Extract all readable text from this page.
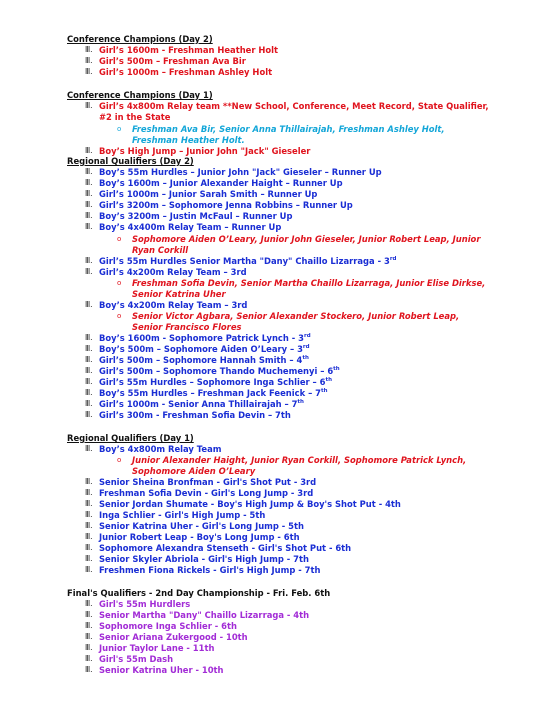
Conference Champions (Day 2)
Ⅲ. Girl’s 1600m - Freshman Heather Holt
Ⅲ. Girl’s 500m – Freshman Ava Bir
Ⅲ. Girl’s 1000m – Freshman Ashley Holt
Conference Champions (Day 1)
Ⅲ. Girl’s 4x800m Relay team **New School, Conference, Meet Record, State Qualifier, #2 in the State
o Freshman Ava Bir, Senior Anna Thillairajah, Freshman Ashley Holt, Freshman Heather Holt.
Ⅲ. Boy’s High Jump – Junior John "Jack" Gieseler
Regional Qualifiers (Day 2)
Ⅲ. Boy’s 55m Hurdles – Junior John "Jack" Gieseler – Runner Up
Ⅲ. Boy’s 1600m – Junior Alexander Haight – Runner Up
Ⅲ. Girl’s 1000m – Junior Sarah Smith – Runner Up
Ⅲ. Girl’s 3200m – Sophomore Jenna Robbins – Runner Up
Ⅲ. Boy’s 3200m – Justin McFaul – Runner Up
Ⅲ. Boy’s 4x400m Relay Team – Runner Up
o Sophomore Aiden O’Leary, Junior John Gieseler, Junior Robert Leap, Junior Ryan Corkill
Ⅲ. Girl’s 55m Hurdles Senior Martha "Dany" Chaillo Lizarraga - 3rd
Ⅲ. Girl’s 4x200m Relay Team – 3rd
o Freshman Sofia Devin, Senior Martha Chaillo Lizarraga, Junior Elise Dirkse, Senior Katrina Uher
Ⅲ. Boy’s 4x200m Relay Team – 3rd
o Senior Victor Agbara, Senior Alexander Stockero, Junior Robert Leap, Senior Francisco Flores
Ⅲ. Boy’s 1600m - Sophomore Patrick Lynch - 3rd
Ⅲ. Boy’s 500m – Sophomore Aiden O’Leary – 3rd
Ⅲ. Girl’s 500m – Sophomore Hannah Smith – 4th
Ⅲ. Girl’s 500m – Sophomore Thando Muchemenyi – 6th
Ⅲ. Girl’s 55m Hurdles – Sophomore Inga Schlier – 6th
Ⅲ. Boy’s 55m Hurdles – Freshman Jack Feenick – 7th
Ⅲ. Girl’s 1000m - Senior Anna Thillairajah – 7th
Ⅲ. Girl’s 300m - Freshman Sofia Devin – 7th
Regional Qualifiers (Day 1)
Ⅲ. Boy’s 4x800m Relay Team
o Junior Alexander Haight, Junior Ryan Corkill, Sophomore Patrick Lynch, Sophomore Aiden O’Leary
Ⅲ. Senior Sheina Bronfman - Girl's Shot Put - 3rd
Ⅲ. Freshman Sofia Devin - Girl's Long Jump - 3rd
Ⅲ. Senior Jordan Shumate - Boy's High Jump & Boy's Shot Put - 4th
Ⅲ. Inga Schlier - Girl's High Jump - 5th
Ⅲ. Senior Katrina Uher - Girl's Long Jump - 5th
Ⅲ. Junior Robert Leap - Boy's Long Jump - 6th
Ⅲ. Sophomore Alexandra Stenseth - Girl's Shot Put - 6th
Ⅲ. Senior Skyler Abriola - Girl's High Jump - 7th
Ⅲ. Freshmen Fiona Rickels - Girl's High Jump - 7th
Final's Qualifiers - 2nd Day Championship - Fri. Feb. 6th
Ⅲ. Girl's 55m Hurdlers
Ⅲ. Senior Martha "Dany" Chaillo Lizarraga - 4th
Ⅲ. Sophomore Inga Schlier - 6th
Ⅲ. Senior Ariana Zukergood - 10th
Ⅲ. Junior Taylor Lane - 11th
Ⅲ. Girl's 55m Dash
Ⅲ. Senior Katrina Uher - 10th
